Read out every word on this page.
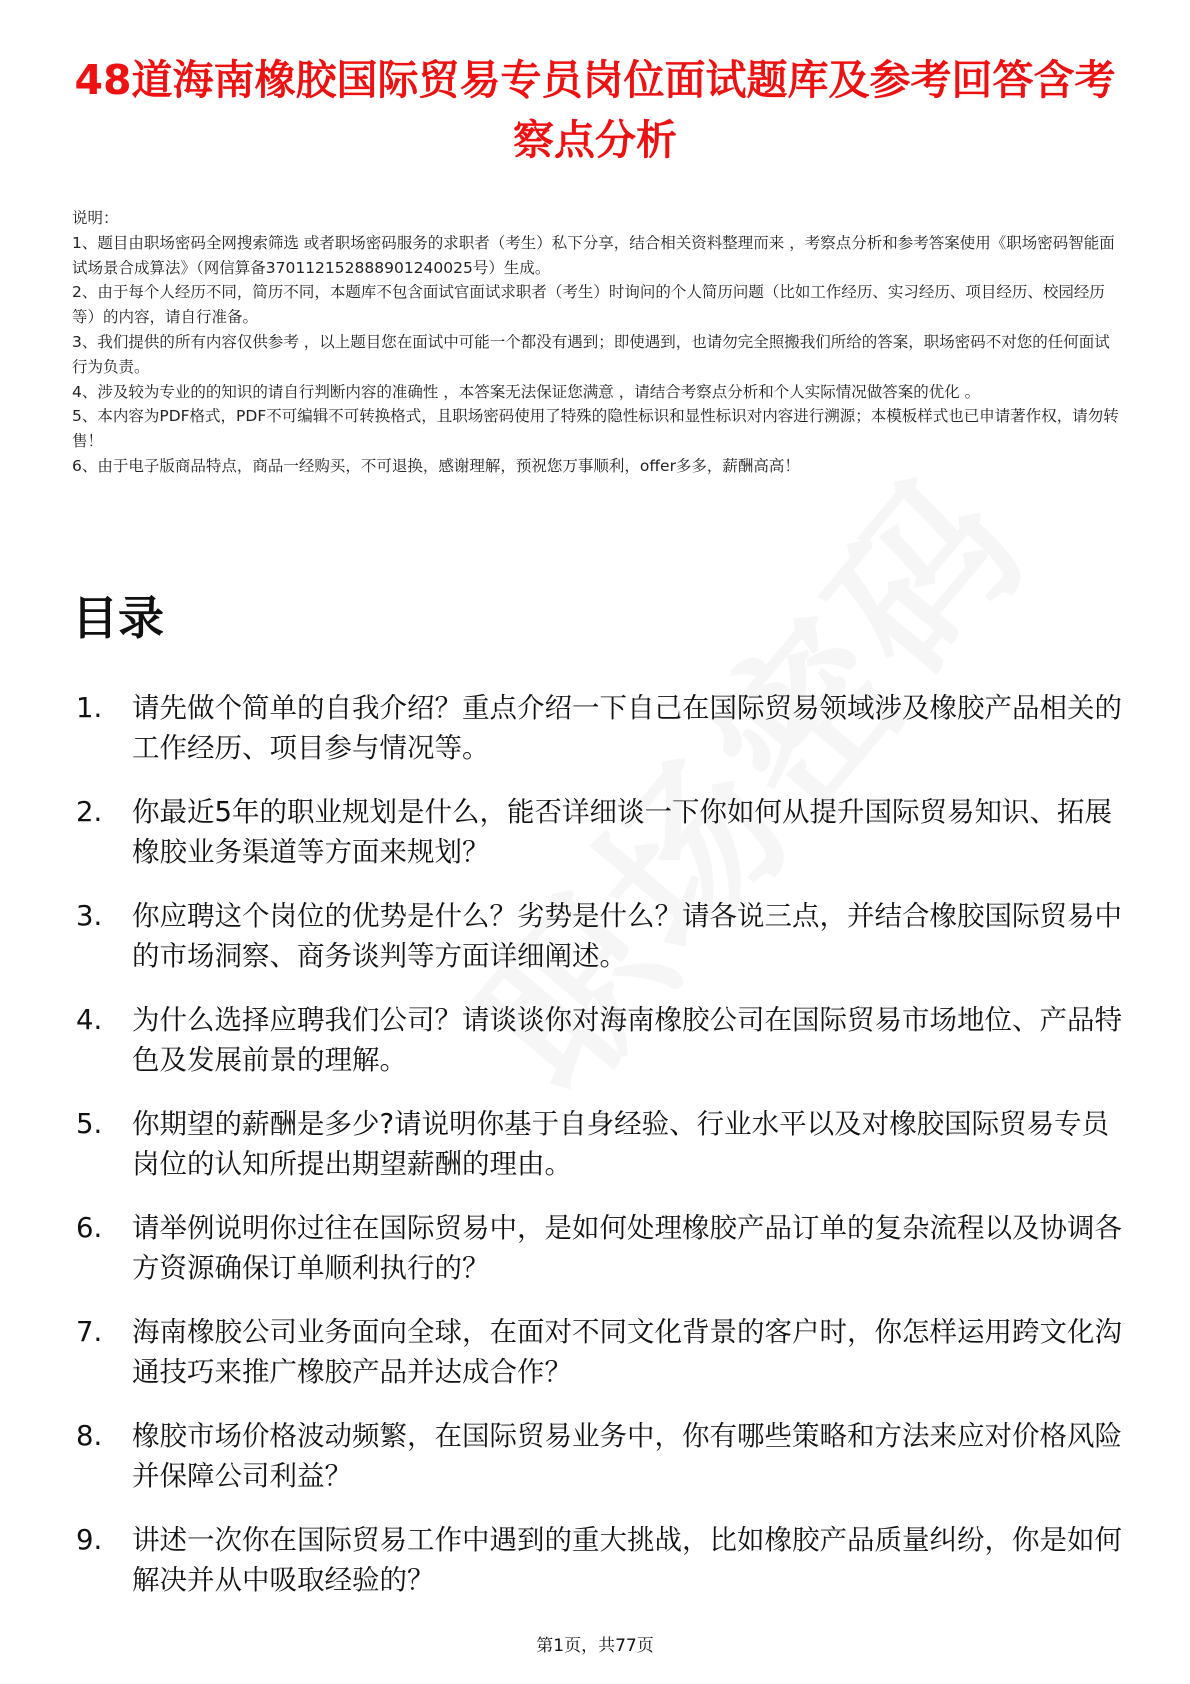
48道海南橡胶国际贸易专员岗位面试题库及参考回答含考察点分析
说明：
1、题目由职场密码全网搜索筛选 或者职场密码服务的求职者（考生）私下分享，结合相关资料整理而来 ，考察点分析和参考答案使用《职场密码智能面试场景合成算法》（网信算备370112152888901240025号）生成。
2、由于每个人经历不同，简历不同，本题库不包含面试官面试求职者（考生）时询问的个人简历问题（比如工作经历、实习经历、项目经历、校园经历等）的内容，请自行准备。
3、我们提供的所有内容仅供参考 ，以上题目您在面试中可能一个都没有遇到；即使遇到，也请勿完全照搬我们所给的答案，职场密码不对您的任何面试行为负责。
4、涉及较为专业的的知识的请自行判断内容的准确性 ，本答案无法保证您满意 ，请结合考察点分析和个人实际情况做答案的优化 。
5、本内容为PDF格式，PDF不可编辑不可转换格式，且职场密码使用了特殊的隐性标识和显性标识对内容进行溯源；本模板样式也已申请著作权，请勿转售！
6、由于电子版商品特点，商品一经购买，不可退换，感谢理解，预祝您万事顺利，offer多多，薪酬高高！
目录
1.	请先做个简单的自我介绍？重点介绍一下自己在国际贸易领域涉及橡胶产品相关的工作经历、项目参与情况等。
2.	你最近5年的职业规划是什么，能否详细谈一下你如何从提升国际贸易知识、拓展橡胶业务渠道等方面来规划？
3.	你应聘这个岗位的优势是什么？劣势是什么？请各说三点，并结合橡胶国际贸易中的市场洞察、商务谈判等方面详细阐述。
4.	为什么选择应聘我们公司？请谈谈你对海南橡胶公司在国际贸易市场地位、产品特色及发展前景的理解。
5.	你期望的薪酬是多少?请说明你基于自身经验、行业水平以及对橡胶国际贸易专员岗位的认知所提出期望薪酬的理由。
6.	请举例说明你过往在国际贸易中，是如何处理橡胶产品订单的复杂流程以及协调各方资源确保订单顺利执行的？
7.	海南橡胶公司业务面向全球，在面对不同文化背景的客户时，你怎样运用跨文化沟通技巧来推广橡胶产品并达成合作？
8.	橡胶市场价格波动频繁，在国际贸易业务中，你有哪些策略和方法来应对价格风险并保障公司利益？
9.	讲述一次你在国际贸易工作中遇到的重大挑战，比如橡胶产品质量纠纷，你是如何解决并从中吸取经验的？
第1页，共77页
